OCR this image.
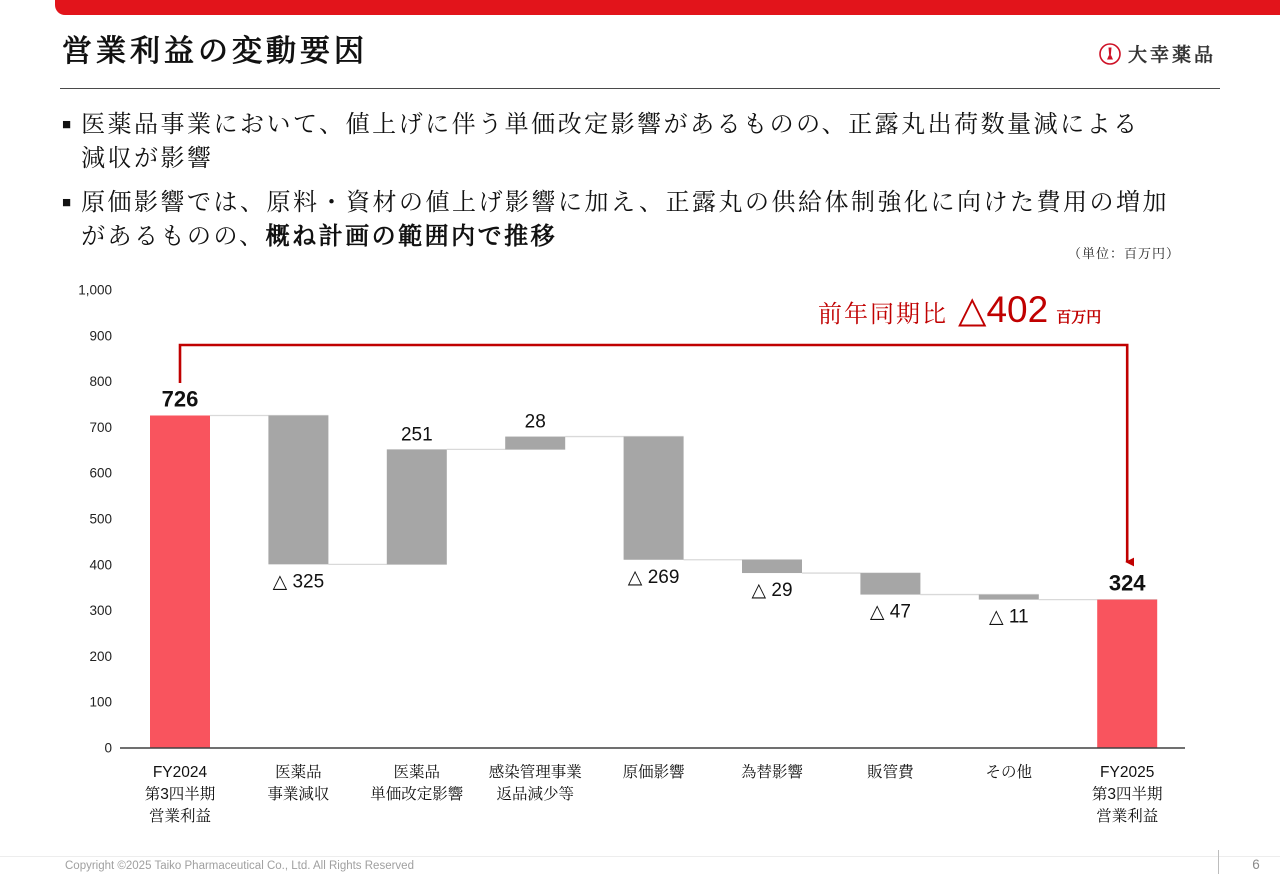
営業利益の変動要因	大幸薬品
■ 医薬品事業において、値上げに伴う単価改定影響があるものの、正露丸出荷数量減による
減収が影響
■ 原価影響では、原料・資材の値上げ影響に加え、正露丸の供給体制強化に向けた費用の増加
があるものの、概ね計画の範囲内で推移
（単位：百万円）
0
100
200
300
400
500
600
700
800
900
1,000
726
△ 325
251
28
△ 269
△ 29
△ 47	△ 11
324
FY2024
第3四半期
営業利益
医薬品
事業減収
医薬品
単価改定影響
感染管理事業
返品減少等
原価影響	為替影響	販管費	その他	FY2025
第3四半期
営業利益
前年同期比 △402 百万円
Copyright ©2025 Taiko Pharmaceutical Co., Ltd. All Rights Reserved	6
